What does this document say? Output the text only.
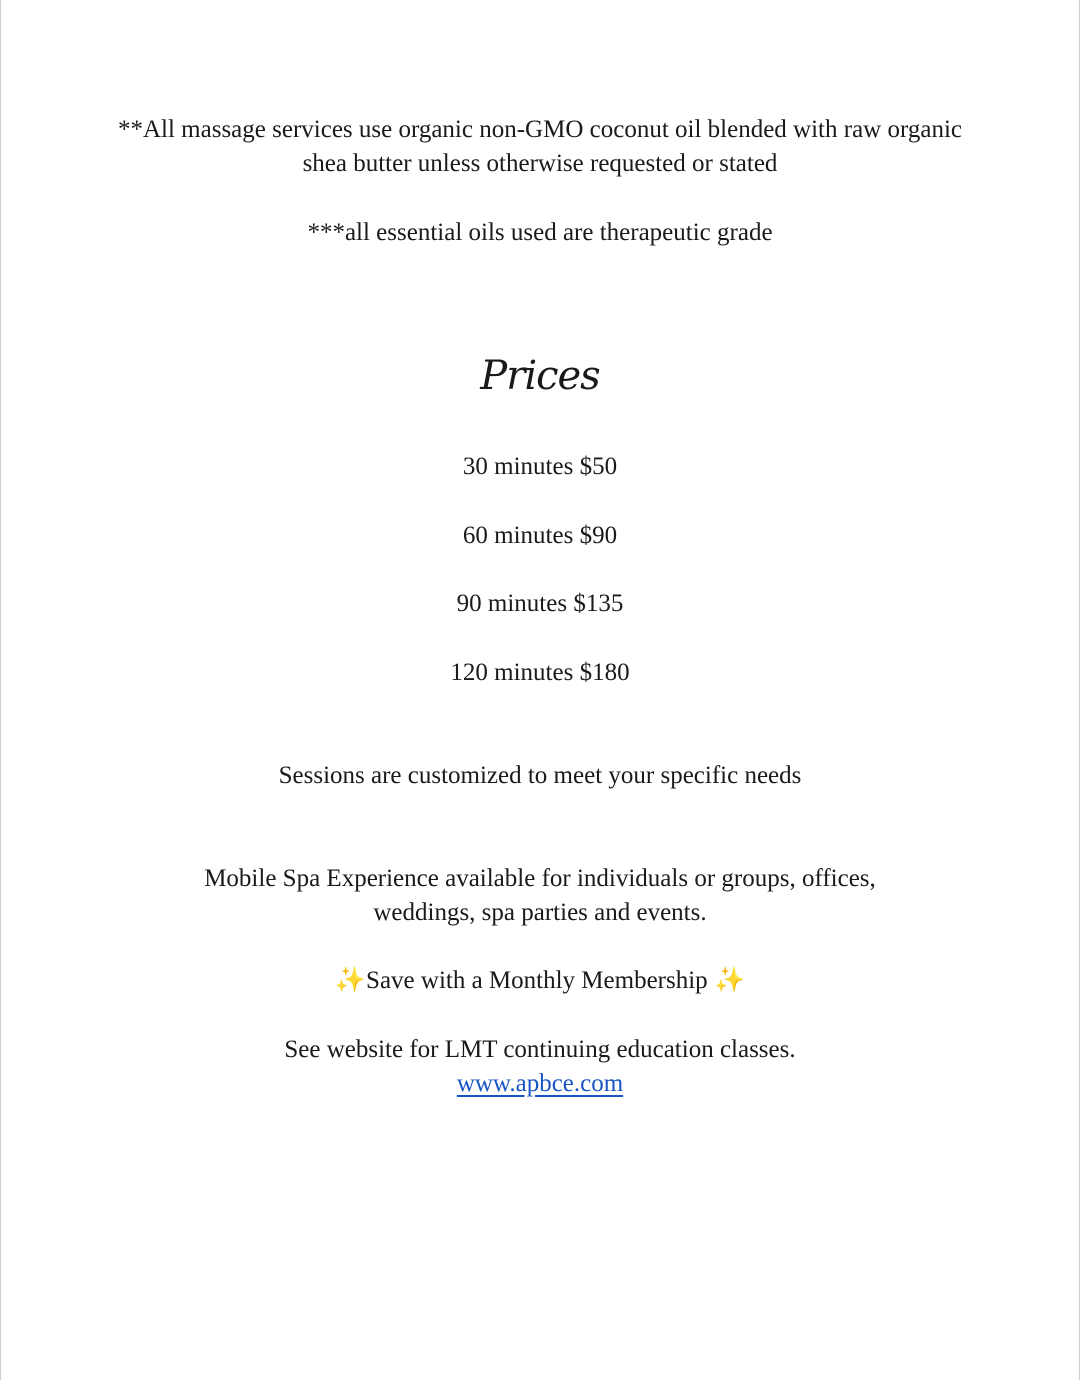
**All massage services use organic non-GMO coconut oil blended with raw organic shea butter unless otherwise requested or stated

***all essential oils used are therapeutic grade

Prices

30 minutes $50

60 minutes $90

90 minutes $135

120 minutes $180

Sessions are customized to meet your specific needs

Mobile Spa Experience available for individuals or groups, offices, weddings, spa parties and events.

✨Save with a Monthly Membership ✨

See website for LMT continuing education classes.
www.apbce.com
